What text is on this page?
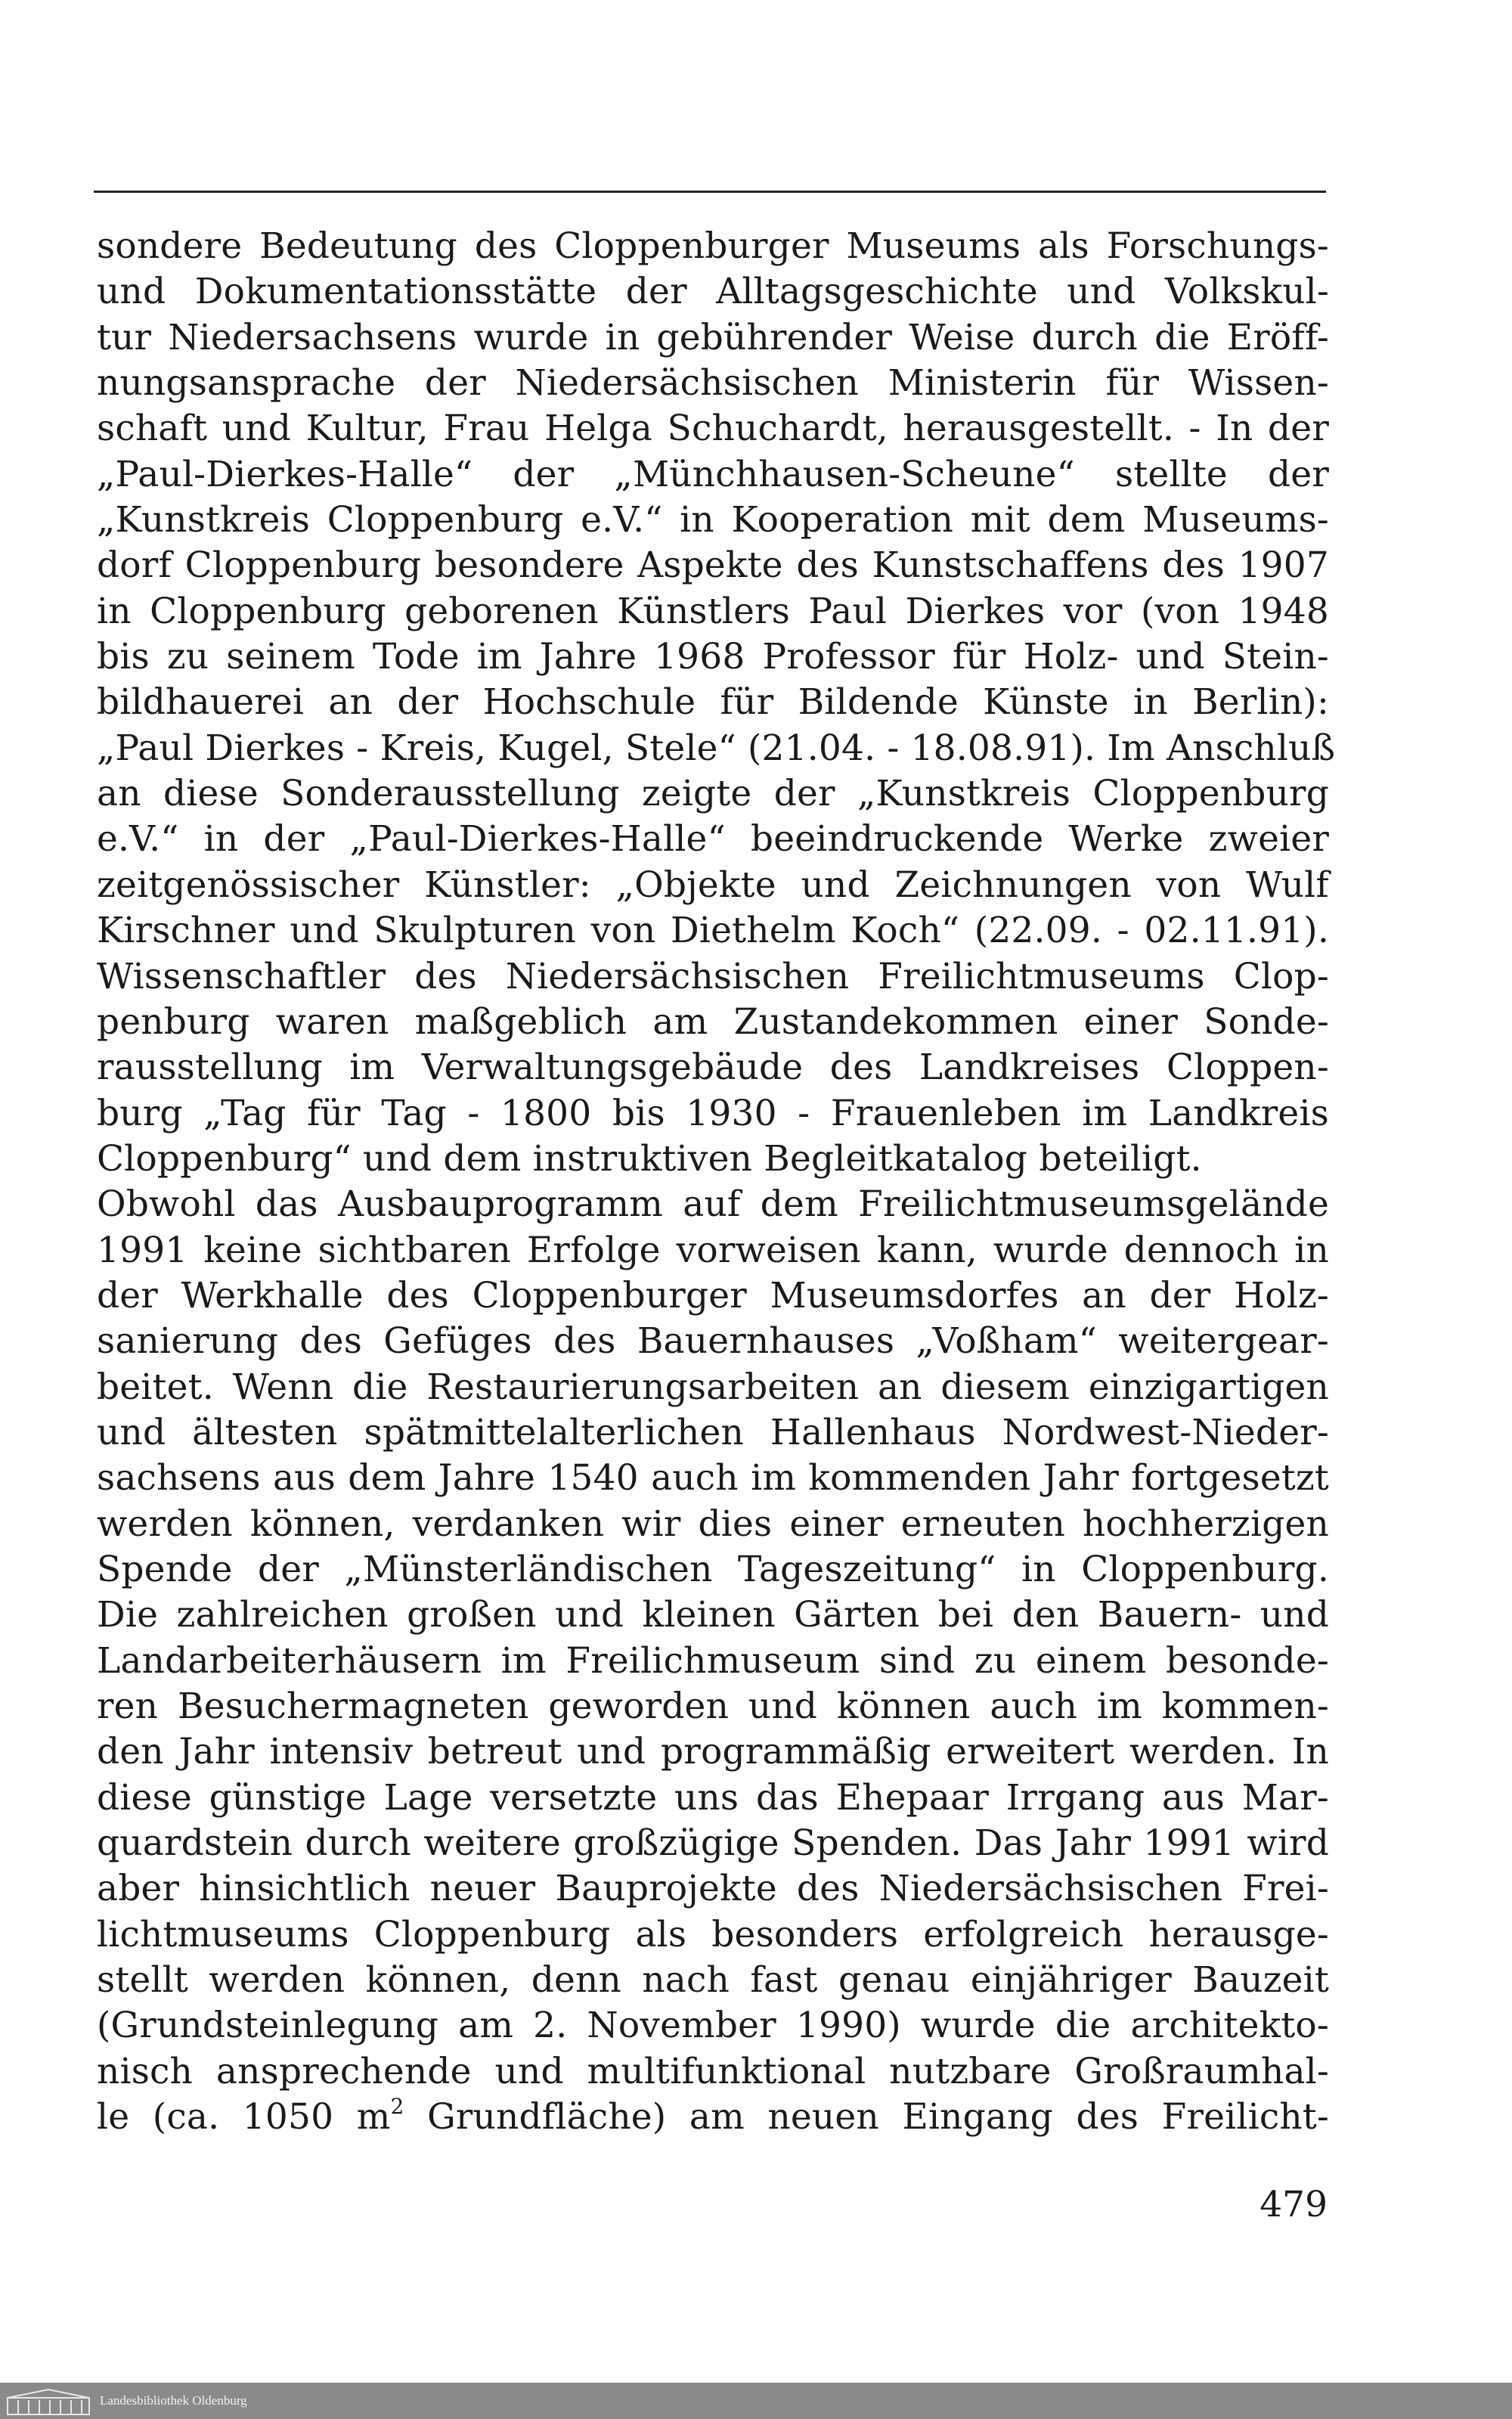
sondere Bedeutung des Cloppenburger Museums als Forschungs-
und Dokumentationsstätte der Alltagsgeschichte und Volkskul-
tur Niedersachsens wurde in gebührender Weise durch die Eröff-
nungsansprache der Niedersächsischen Ministerin für Wissen-
schaft und Kultur, Frau Helga Schuchardt, herausgestellt. - In der
„Paul-Dierkes-Halle“ der „Münchhausen-Scheune“ stellte der
„Kunstkreis Cloppenburg e.V.“ in Kooperation mit dem Museums-
dorf Cloppenburg besondere Aspekte des Kunstschaffens des 1907
in Cloppenburg geborenen Künstlers Paul Dierkes vor (von 1948
bis zu seinem Tode im Jahre 1968 Professor für Holz- und Stein-
bildhauerei an der Hochschule für Bildende Künste in Berlin):
„Paul Dierkes - Kreis, Kugel, Stele“ (21.04. - 18.08.91). Im Anschluß
an diese Sonderausstellung zeigte der „Kunstkreis Cloppenburg
e.V.“ in der „Paul-Dierkes-Halle“ beeindruckende Werke zweier
zeitgenössischer Künstler: „Objekte und Zeichnungen von Wulf
Kirschner und Skulpturen von Diethelm Koch“ (22.09. - 02.11.91).
Wissenschaftler des Niedersächsischen Freilichtmuseums Clop-
penburg waren maßgeblich am Zustandekommen einer Sonde-
rausstellung im Verwaltungsgebäude des Landkreises Cloppen-
burg „Tag für Tag - 1800 bis 1930 - Frauenleben im Landkreis
Cloppenburg“ und dem instruktiven Begleitkatalog beteiligt.
Obwohl das Ausbauprogramm auf dem Freilichtmuseumsgelände
1991 keine sichtbaren Erfolge vorweisen kann, wurde dennoch in
der Werkhalle des Cloppenburger Museumsdorfes an der Holz-
sanierung des Gefüges des Bauernhauses „Voßham“ weitergear-
beitet. Wenn die Restaurierungsarbeiten an diesem einzigartigen
und ältesten spätmittelalterlichen Hallenhaus Nordwest-Nieder-
sachsens aus dem Jahre 1540 auch im kommenden Jahr fortgesetzt
werden können, verdanken wir dies einer erneuten hochherzigen
Spende der „Münsterländischen Tageszeitung“ in Cloppenburg.
Die zahlreichen großen und kleinen Gärten bei den Bauern- und
Landarbeiterhäusern im Freilichmuseum sind zu einem besonde-
ren Besuchermagneten geworden und können auch im kommen-
den Jahr intensiv betreut und programmäßig erweitert werden. In
diese günstige Lage versetzte uns das Ehepaar Irrgang aus Mar-
quardstein durch weitere großzügige Spenden. Das Jahr 1991 wird
aber hinsichtlich neuer Bauprojekte des Niedersächsischen Frei-
lichtmuseums Cloppenburg als besonders erfolgreich herausge-
stellt werden können, denn nach fast genau einjähriger Bauzeit
(Grundsteinlegung am 2. November 1990) wurde die architekto-
nisch ansprechende und multifunktional nutzbare Großraumhal-
le (ca. 1050 $m^2$ Grundfläche) am neuen Eingang des Freilicht-
479
Landesbibliothek Oldenburg
